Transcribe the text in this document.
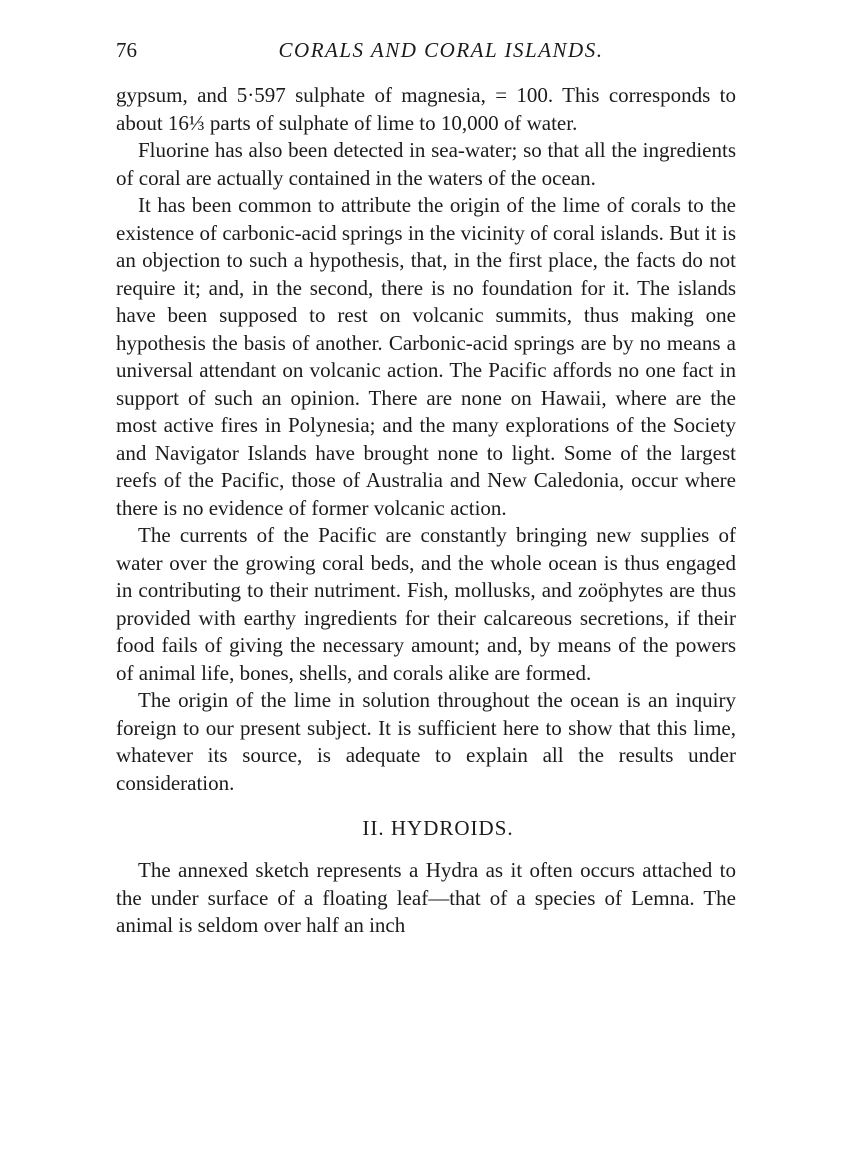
76	CORALS AND CORAL ISLANDS.

gypsum, and 5·597 sulphate of magnesia, = 100. This corresponds to about 16⅓ parts of sulphate of lime to 10,000 of water.

Fluorine has also been detected in sea-water; so that all the ingredients of coral are actually contained in the waters of the ocean.

It has been common to attribute the origin of the lime of corals to the existence of carbonic-acid springs in the vicinity of coral islands. But it is an objection to such a hypothesis, that, in the first place, the facts do not require it; and, in the second, there is no foundation for it. The islands have been supposed to rest on volcanic summits, thus making one hypothesis the basis of another. Carbonic-acid springs are by no means a universal attendant on volcanic action. The Pacific affords no one fact in support of such an opinion. There are none on Hawaii, where are the most active fires in Polynesia; and the many explorations of the Society and Navigator Islands have brought none to light. Some of the largest reefs of the Pacific, those of Australia and New Caledonia, occur where there is no evidence of former volcanic action.

The currents of the Pacific are constantly bringing new supplies of water over the growing coral beds, and the whole ocean is thus engaged in contributing to their nutriment. Fish, mollusks, and zoöphytes are thus provided with earthy ingredients for their calcareous secretions, if their food fails of giving the necessary amount; and, by means of the powers of animal life, bones, shells, and corals alike are formed.

The origin of the lime in solution throughout the ocean is an inquiry foreign to our present subject. It is sufficient here to show that this lime, whatever its source, is adequate to explain all the results under consideration.

II. HYDROIDS.

The annexed sketch represents a Hydra as it often occurs attached to the under surface of a floating leaf—that of a species of Lemna. The animal is seldom over half an inch
